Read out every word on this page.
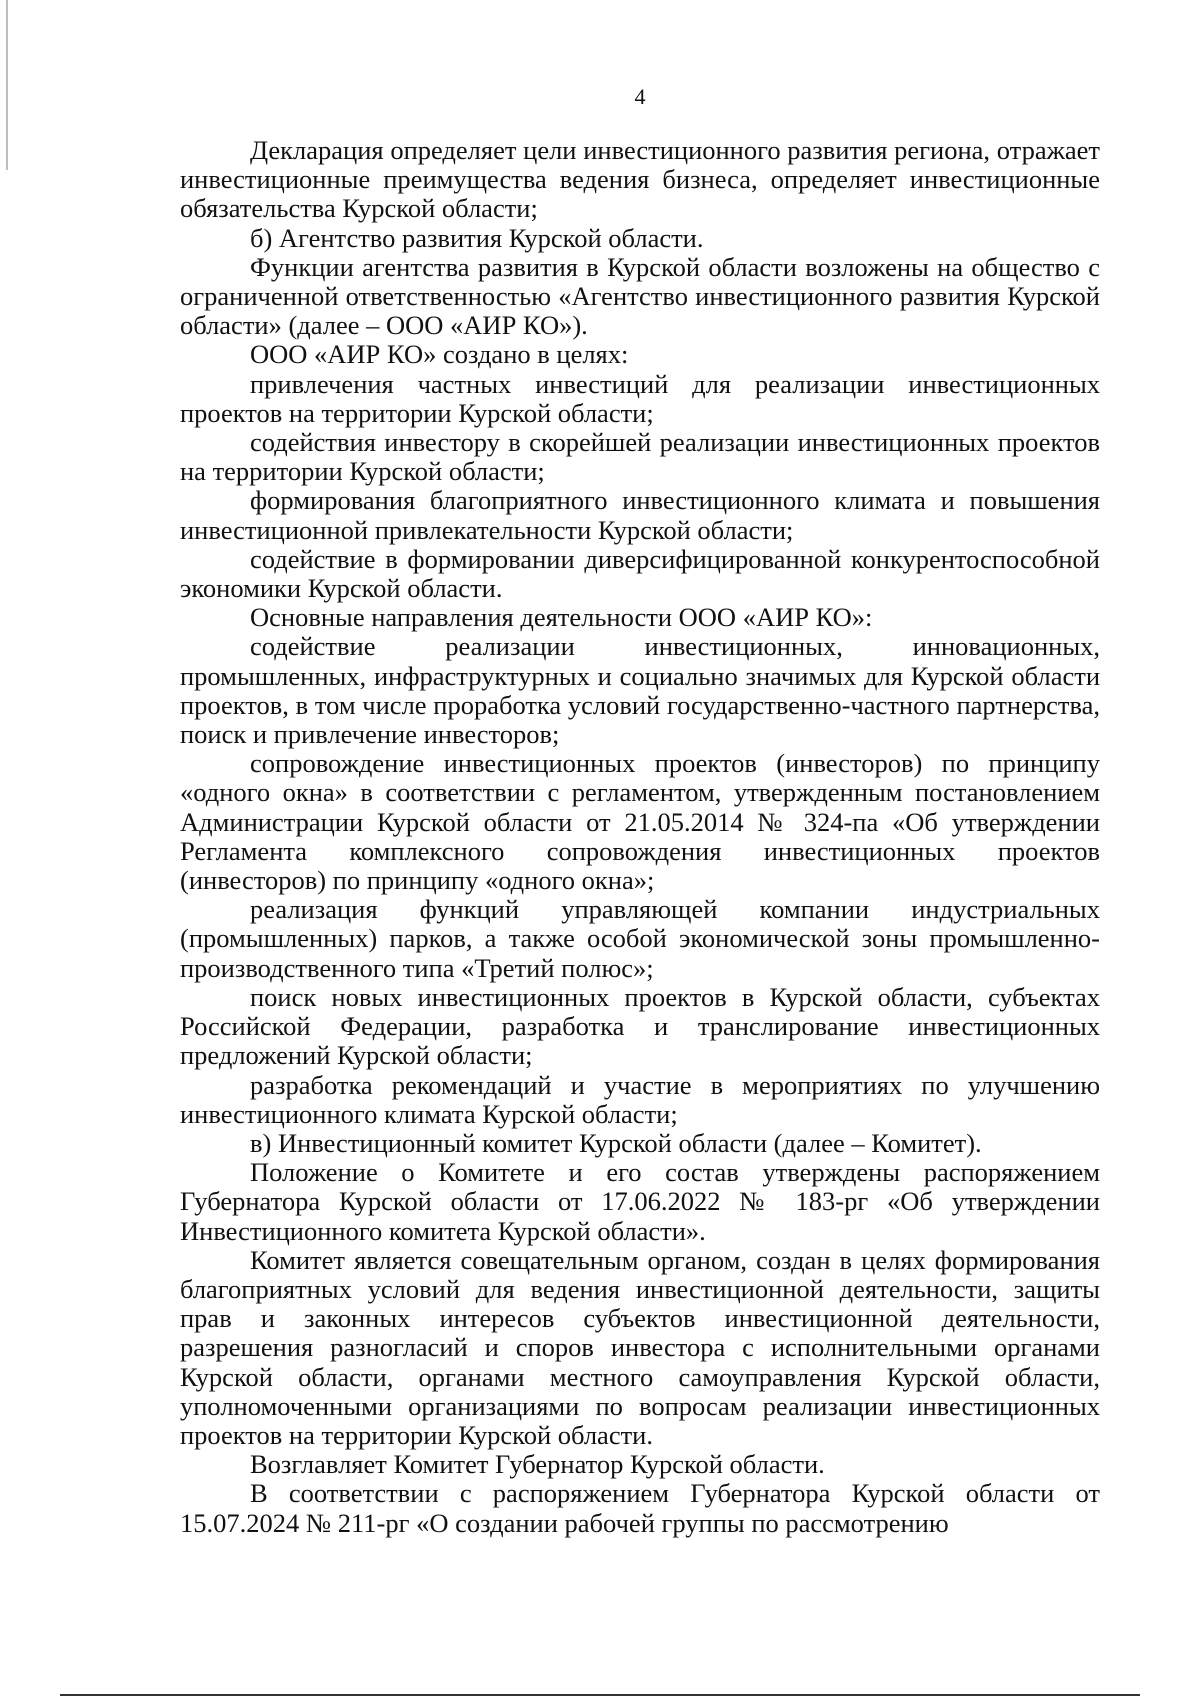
4

Декларация определяет цели инвестиционного развития региона, отражает инвестиционные преимущества ведения бизнеса, определяет инвестиционные обязательства Курской области;

б) Агентство развития Курской области.

Функции агентства развития в Курской области возложены на общество с ограниченной ответственностью «Агентство инвестиционного развития Курской области» (далее – ООО «АИР КО»).

ООО «АИР КО» создано в целях:

привлечения частных инвестиций для реализации инвестиционных проектов на территории Курской области;

содействия инвестору в скорейшей реализации инвестиционных проектов на территории Курской области;

формирования благоприятного инвестиционного климата и повышения инвестиционной привлекательности Курской области;

содействие в формировании диверсифицированной конкурентоспособной экономики Курской области.

Основные направления деятельности ООО «АИР КО»:

содействие реализации инвестиционных, инновационных, промышленных, инфраструктурных и социально значимых для Курской области проектов, в том числе проработка условий государственно-частного партнерства, поиск и привлечение инвесторов;

сопровождение инвестиционных проектов (инвесторов) по принципу «одного окна» в соответствии с регламентом, утвержденным постановлением Администрации Курской области от 21.05.2014 № 324-па «Об утверждении Регламента комплексного сопровождения инвестиционных проектов (инвесторов) по принципу «одного окна»;

реализация функций управляющей компании индустриальных (промышленных) парков, а также особой экономической зоны промышленно-производственного типа «Третий полюс»;

поиск новых инвестиционных проектов в Курской области, субъектах Российской Федерации, разработка и транслирование инвестиционных предложений Курской области;

разработка рекомендаций и участие в мероприятиях по улучшению инвестиционного климата Курской области;

в) Инвестиционный комитет Курской области (далее – Комитет).

Положение о Комитете и его состав утверждены распоряжением Губернатора Курской области от 17.06.2022 № 183-рг «Об утверждении Инвестиционного комитета Курской области».

Комитет является совещательным органом, создан в целях формирования благоприятных условий для ведения инвестиционной деятельности, защиты прав и законных интересов субъектов инвестиционной деятельности, разрешения разногласий и споров инвестора с исполнительными органами Курской области, органами местного самоуправления Курской области, уполномоченными организациями по вопросам реализации инвестиционных проектов на территории Курской области.

Возглавляет Комитет Губернатор Курской области.

В соответствии с распоряжением Губернатора Курской области от 15.07.2024 № 211-рг «О создании рабочей группы по рассмотрению
